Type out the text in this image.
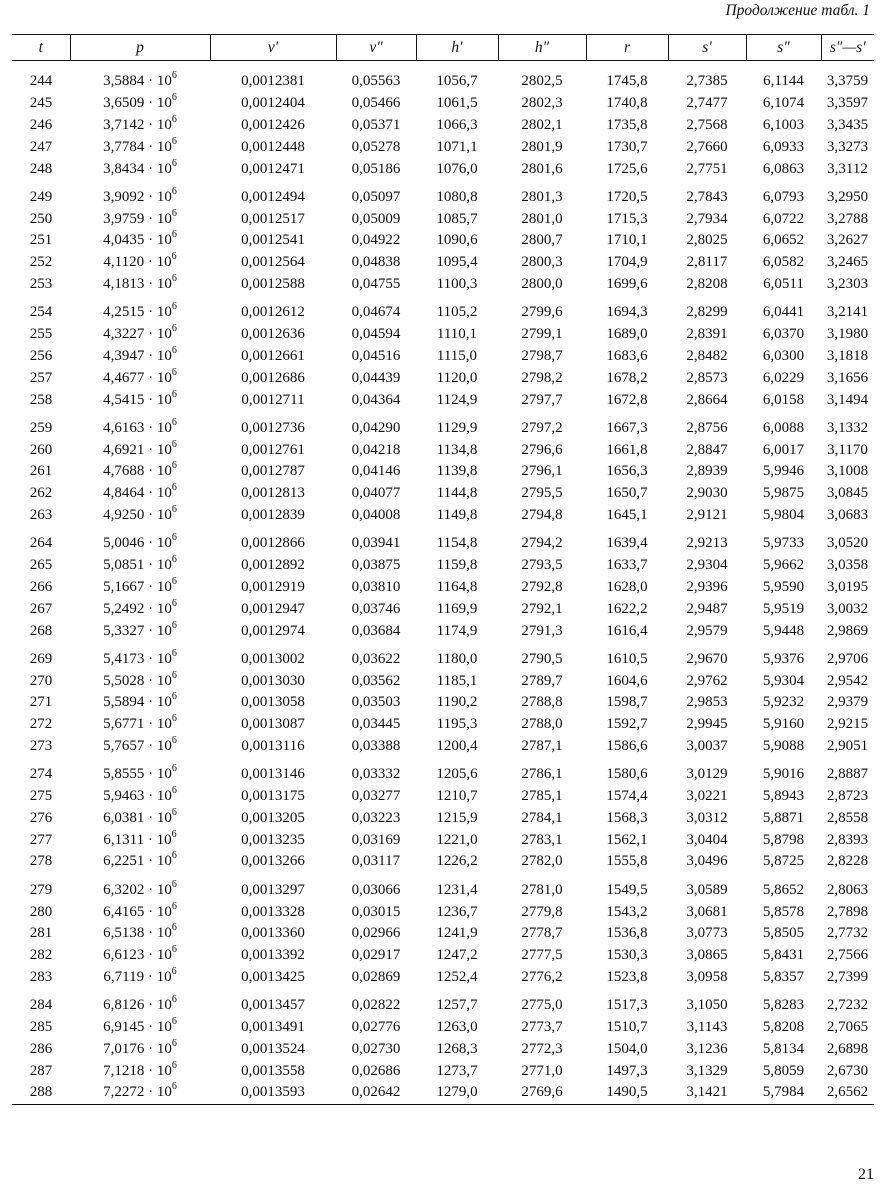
Продолжение табл. 1
t	p	v′	v″	h′	h″	r	s′	s″	s″—s′

244	$3,5884 \cdot 10^6$	0,0012381	0,05563	1056,7	2802,5	1745,8	2,7385	6,1144	3,3759
245	$3,6509 \cdot 10^6$	0,0012404	0,05466	1061,5	2802,3	1740,8	2,7477	6,1074	3,3597
246	$3,7142 \cdot 10^6$	0,0012426	0,05371	1066,3	2802,1	1735,8	2,7568	6,1003	3,3435
247	$3,7784 \cdot 10^6$	0,0012448	0,05278	1071,1	2801,9	1730,7	2,7660	6,0933	3,3273
248	$3,8434 \cdot 10^6$	0,0012471	0,05186	1076,0	2801,6	1725,6	2,7751	6,0863	3,3112

249	$3,9092 \cdot 10^6$	0,0012494	0,05097	1080,8	2801,3	1720,5	2,7843	6,0793	3,2950
250	$3,9759 \cdot 10^6$	0,0012517	0,05009	1085,7	2801,0	1715,3	2,7934	6,0722	3,2788
251	$4,0435 \cdot 10^6$	0,0012541	0,04922	1090,6	2800,7	1710,1	2,8025	6,0652	3,2627
252	$4,1120 \cdot 10^6$	0,0012564	0,04838	1095,4	2800,3	1704,9	2,8117	6,0582	3,2465
253	$4,1813 \cdot 10^6$	0,0012588	0,04755	1100,3	2800,0	1699,6	2,8208	6,0511	3,2303

254	$4,2515 \cdot 10^6$	0,0012612	0,04674	1105,2	2799,6	1694,3	2,8299	6,0441	3,2141
255	$4,3227 \cdot 10^6$	0,0012636	0,04594	1110,1	2799,1	1689,0	2,8391	6,0370	3,1980
256	$4,3947 \cdot 10^6$	0,0012661	0,04516	1115,0	2798,7	1683,6	2,8482	6,0300	3,1818
257	$4,4677 \cdot 10^6$	0,0012686	0,04439	1120,0	2798,2	1678,2	2,8573	6,0229	3,1656
258	$4,5415 \cdot 10^6$	0,0012711	0,04364	1124,9	2797,7	1672,8	2,8664	6,0158	3,1494

259	$4,6163 \cdot 10^6$	0,0012736	0,04290	1129,9	2797,2	1667,3	2,8756	6,0088	3,1332
260	$4,6921 \cdot 10^6$	0,0012761	0,04218	1134,8	2796,6	1661,8	2,8847	6,0017	3,1170
261	$4,7688 \cdot 10^6$	0,0012787	0,04146	1139,8	2796,1	1656,3	2,8939	5,9946	3,1008
262	$4,8464 \cdot 10^6$	0,0012813	0,04077	1144,8	2795,5	1650,7	2,9030	5,9875	3,0845
263	$4,9250 \cdot 10^6$	0,0012839	0,04008	1149,8	2794,8	1645,1	2,9121	5,9804	3,0683

264	$5,0046 \cdot 10^6$	0,0012866	0,03941	1154,8	2794,2	1639,4	2,9213	5,9733	3,0520
265	$5,0851 \cdot 10^6$	0,0012892	0,03875	1159,8	2793,5	1633,7	2,9304	5,9662	3,0358
266	$5,1667 \cdot 10^6$	0,0012919	0,03810	1164,8	2792,8	1628,0	2,9396	5,9590	3,0195
267	$5,2492 \cdot 10^6$	0,0012947	0,03746	1169,9	2792,1	1622,2	2,9487	5,9519	3,0032
268	$5,3327 \cdot 10^6$	0,0012974	0,03684	1174,9	2791,3	1616,4	2,9579	5,9448	2,9869

269	$5,4173 \cdot 10^6$	0,0013002	0,03622	1180,0	2790,5	1610,5	2,9670	5,9376	2,9706
270	$5,5028 \cdot 10^6$	0,0013030	0,03562	1185,1	2789,7	1604,6	2,9762	5,9304	2,9542
271	$5,5894 \cdot 10^6$	0,0013058	0,03503	1190,2	2788,8	1598,7	2,9853	5,9232	2,9379
272	$5,6771 \cdot 10^6$	0,0013087	0,03445	1195,3	2788,0	1592,7	2,9945	5,9160	2,9215
273	$5,7657 \cdot 10^6$	0,0013116	0,03388	1200,4	2787,1	1586,6	3,0037	5,9088	2,9051

274	$5,8555 \cdot 10^6$	0,0013146	0,03332	1205,6	2786,1	1580,6	3,0129	5,9016	2,8887
275	$5,9463 \cdot 10^6$	0,0013175	0,03277	1210,7	2785,1	1574,4	3,0221	5,8943	2,8723
276	$6,0381 \cdot 10^6$	0,0013205	0,03223	1215,9	2784,1	1568,3	3,0312	5,8871	2,8558
277	$6,1311 \cdot 10^6$	0,0013235	0,03169	1221,0	2783,1	1562,1	3,0404	5,8798	2,8393
278	$6,2251 \cdot 10^6$	0,0013266	0,03117	1226,2	2782,0	1555,8	3,0496	5,8725	2,8228

279	$6,3202 \cdot 10^6$	0,0013297	0,03066	1231,4	2781,0	1549,5	3,0589	5,8652	2,8063
280	$6,4165 \cdot 10^6$	0,0013328	0,03015	1236,7	2779,8	1543,2	3,0681	5,8578	2,7898
281	$6,5138 \cdot 10^6$	0,0013360	0,02966	1241,9	2778,7	1536,8	3,0773	5,8505	2,7732
282	$6,6123 \cdot 10^6$	0,0013392	0,02917	1247,2	2777,5	1530,3	3,0865	5,8431	2,7566
283	$6,7119 \cdot 10^6$	0,0013425	0,02869	1252,4	2776,2	1523,8	3,0958	5,8357	2,7399

284	$6,8126 \cdot 10^6$	0,0013457	0,02822	1257,7	2775,0	1517,3	3,1050	5,8283	2,7232
285	$6,9145 \cdot 10^6$	0,0013491	0,02776	1263,0	2773,7	1510,7	3,1143	5,8208	2,7065
286	$7,0176 \cdot 10^6$	0,0013524	0,02730	1268,3	2772,3	1504,0	3,1236	5,8134	2,6898
287	$7,1218 \cdot 10^6$	0,0013558	0,02686	1273,7	2771,0	1497,3	3,1329	5,8059	2,6730
288	$7,2272 \cdot 10^6$	0,0013593	0,02642	1279,0	2769,6	1490,5	3,1421	5,7984	2,6562
21
